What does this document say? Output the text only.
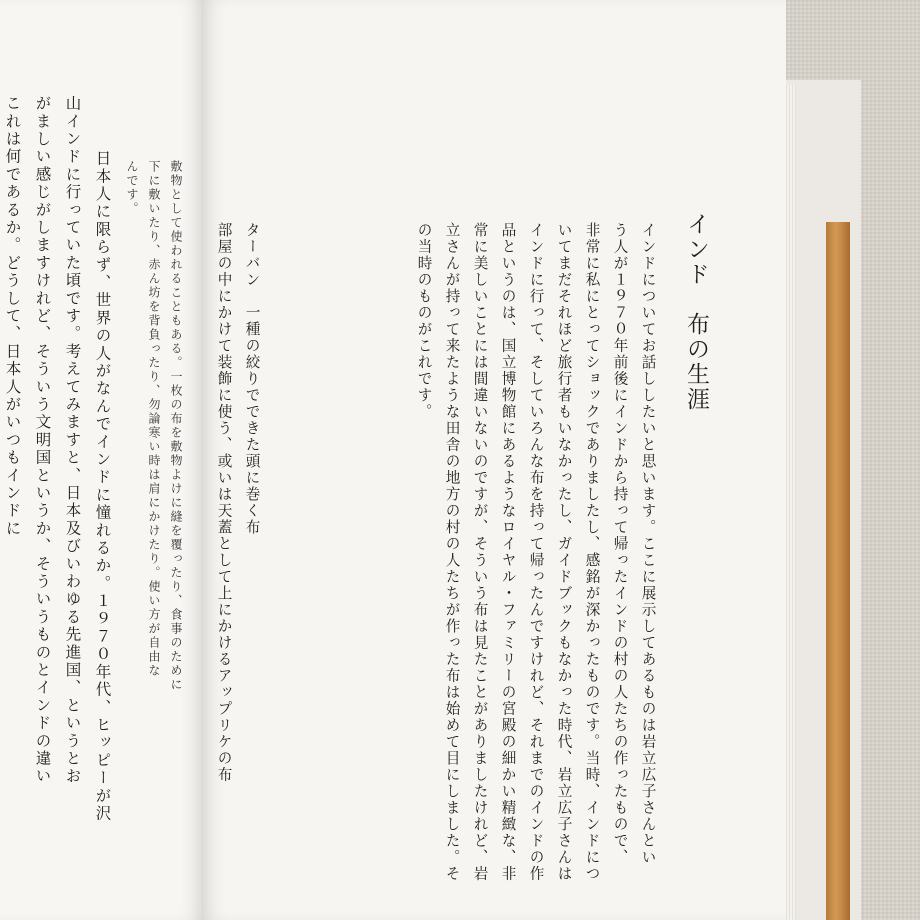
インド　布の生涯
インドについてお話ししたいと思います。ここに展示してあるものは岩立広子さんとい
う人が１９７０年前後にインドから持って帰ったインドの村の人たちの作ったもので、
非常に私にとってショックでありましたし、感銘が深かったものです。当時、インドにつ
いてまだそれほど旅行者もいなかったし、ガイドブックもなかった時代、岩立広子さんは
インドに行って、そしていろんな布を持って帰ったんですけれど、それまでのインドの作
品というのは、国立博物館にあるようなロイヤル・ファミリーの宮殿の細かい精緻な、非
常に美しいことには間違いないのですが、そういう布は見たことがありましたけれど、岩
立さんが持って来たような田舎の地方の村の人たちが作った布は始めて目にしました。そ
の当時のものがこれです。
ターバン　一種の絞りでできた頭に巻く布
部屋の中にかけて装飾に使う、或いは天蓋として上にかけるアップリケの布
敷物として使われることもある。一枚の布を敷物よけに縫を覆ったり、食事のために
下に敷いたり、赤ん坊を背負ったり、勿論寒い時は肩にかけたり。使い方が自由な
んです。
日本人に限らず、世界の人がなんでインドに憧れるか。１９７０年代、ヒッピーが沢
山インドに行っていた頃です。考えてみますと、日本及びいわゆる先進国、というとお
がましい感じがしますけれど、そういう文明国というか、そういうものとインドの違い
これは何であるか。どうして、日本人がいつもインドに
